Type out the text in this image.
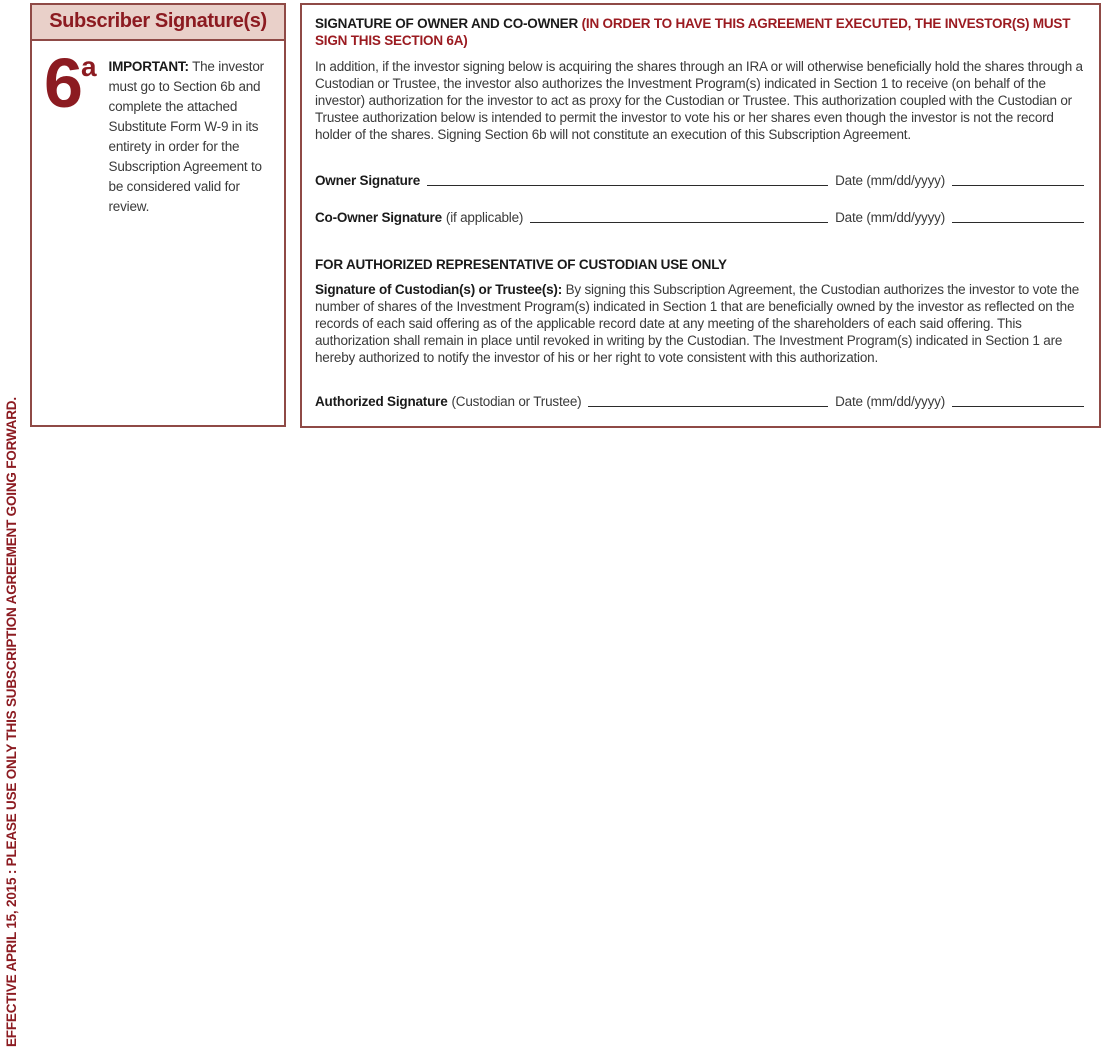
EFFECTIVE APRIL 15, 2015 : PLEASE USE ONLY THIS SUBSCRIPTION AGREEMENT GOING FORWARD.
Subscriber Signature(s)
6a IMPORTANT: The investor must go to Section 6b and complete the attached Substitute Form W-9 in its entirety in order for the Subscription Agreement to be considered valid for review.
SIGNATURE OF OWNER AND CO-OWNER (IN ORDER TO HAVE THIS AGREEMENT EXECUTED, THE INVESTOR(S) MUST SIGN THIS SECTION 6A)
In addition, if the investor signing below is acquiring the shares through an IRA or will otherwise beneficially hold the shares through a Custodian or Trustee, the investor also authorizes the Investment Program(s) indicated in Section 1 to receive (on behalf of the investor) authorization for the investor to act as proxy for the Custodian or Trustee. This authorization coupled with the Custodian or Trustee authorization below is intended to permit the investor to vote his or her shares even though the investor is not the record holder of the shares. Signing Section 6b will not constitute an execution of this Subscription Agreement.
Owner Signature	Date (mm/dd/yyyy)
Co-Owner Signature (if applicable)	Date (mm/dd/yyyy)
FOR AUTHORIZED REPRESENTATIVE OF CUSTODIAN USE ONLY
Signature of Custodian(s) or Trustee(s): By signing this Subscription Agreement, the Custodian authorizes the investor to vote the number of shares of the Investment Program(s) indicated in Section 1 that are beneficially owned by the investor as reflected on the records of each said offering as of the applicable record date at any meeting of the shareholders of each said offering. This authorization shall remain in place until revoked in writing by the Custodian. The Investment Program(s) indicated in Section 1 are hereby authorized to notify the investor of his or her right to vote consistent with this authorization.
Authorized Signature (Custodian or Trustee)	Date (mm/dd/yyyy)
